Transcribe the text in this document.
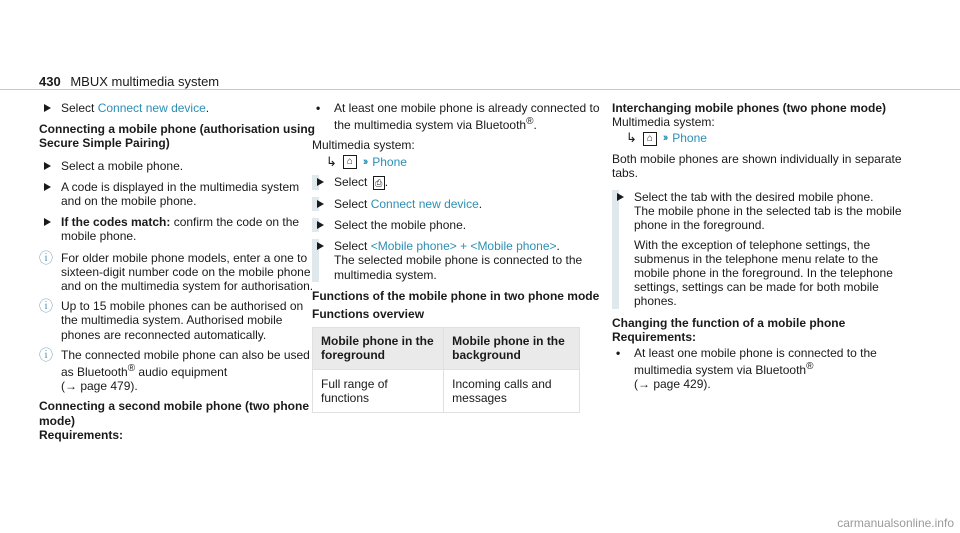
430 MBUX multimedia system
Select Connect new device.
Connecting a mobile phone (authorisation using Secure Simple Pairing)
Select a mobile phone.
A code is displayed in the multimedia system and on the mobile phone.
If the codes match: confirm the code on the mobile phone.
ⓘ For older mobile phone models, enter a one to sixteen-digit number code on the mobile phone and on the multimedia system for authorisation.
ⓘ Up to 15 mobile phones can be authorised on the multimedia system. Authorised mobile phones are reconnected automatically.
ⓘ The connected mobile phone can also be used as Bluetooth® audio equipment
(→ page 479).
Connecting a second mobile phone (two phone mode)
Requirements:
• At least one mobile phone is already connected to the multimedia system via Bluetooth®.
Multimedia system:
↳ ⌂ ›› Phone
Select ⎙ .
Select Connect new device.
Select the mobile phone.
Select <Mobile phone> + <Mobile phone>.
The selected mobile phone is connected to the multimedia system.
Functions of the mobile phone in two phone mode
Functions overview
Mobile phone in the foreground	Mobile phone in the background
Full range of functions	Incoming calls and messages
Interchanging mobile phones (two phone mode)
Multimedia system:
↳ ⌂ ›› Phone
Both mobile phones are shown individually in separate tabs.
Select the tab with the desired mobile phone.
The mobile phone in the selected tab is the mobile phone in the foreground.
With the exception of telephone settings, the submenus in the telephone menu relate to the mobile phone in the foreground. In the telephone settings, settings can be made for both mobile phones.
Changing the function of a mobile phone
Requirements:
• At least one mobile phone is connected to the multimedia system via Bluetooth®
(→ page 429).
carmanualsonline.info
